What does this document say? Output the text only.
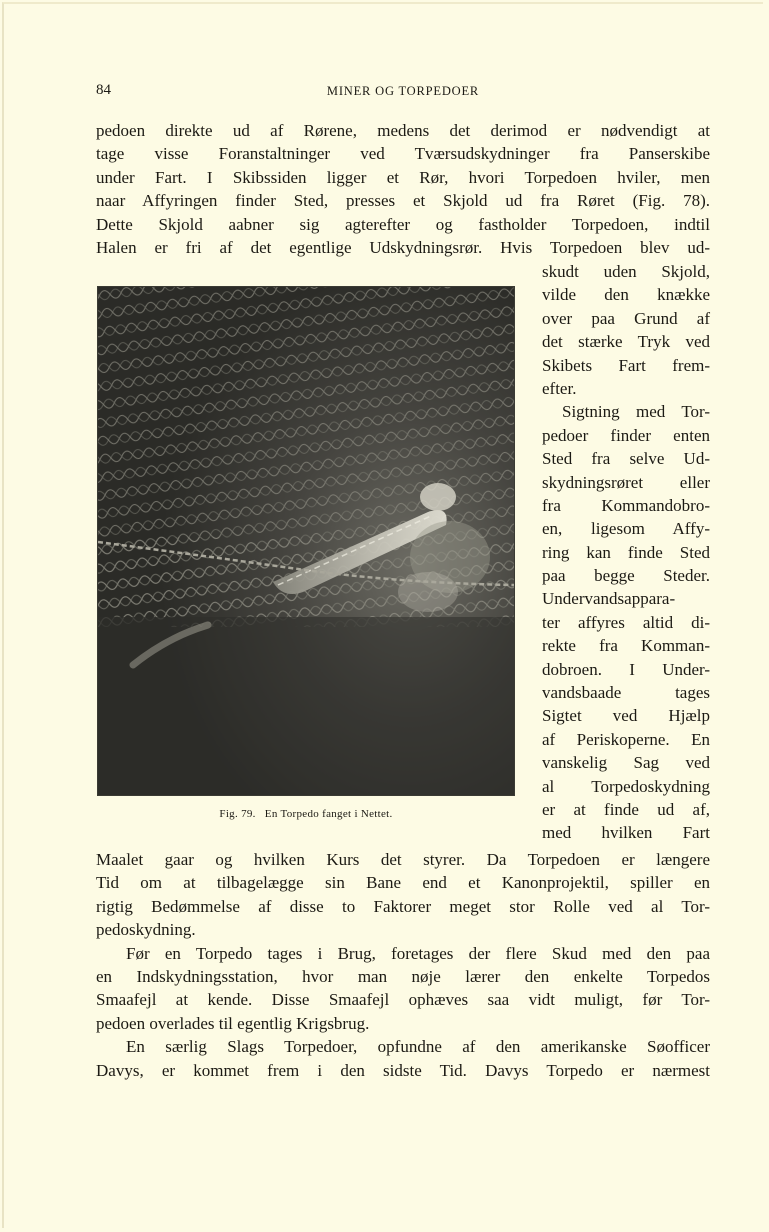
84	MINER OG TORPEDOER
pedoen direkte ud af Rørene, medens det derimod er nødvendigt at
tage visse Foranstaltninger ved Tværsudskydninger fra Panserskibe
under Fart. I Skibssiden ligger et Rør, hvori Torpedoen hviler, men
naar Affyringen finder Sted, presses et Skjold ud fra Røret (Fig. 78).
Dette Skjold aabner sig agterefter og fastholder Torpedoen, indtil
Halen er fri af det egentlige Udskydningsrør. Hvis Torpedoen blev ud-
Fig. 79. En Torpedo fanget i Nettet.
skudt uden Skjold,
vilde den knække
over paa Grund af
det stærke Tryk ved
Skibets Fart frem-
efter.
Sigtning med Tor-
pedoer finder enten
Sted fra selve Ud-
skydningsrøret eller
fra Kommandobro-
en, ligesom Affy-
ring kan finde Sted
paa begge Steder.
Undervandsappara-
ter affyres altid di-
rekte fra Komman-
dobroen. I Under-
vandsbaade tages
Sigtet ved Hjælp
af Periskoperne. En
vanskelig Sag ved
al Torpedoskydning
er at finde ud af,
med hvilken Fart
Maalet gaar og hvilken Kurs det styrer. Da Torpedoen er længere
Tid om at tilbagelægge sin Bane end et Kanonprojektil, spiller en
rigtig Bedømmelse af disse to Faktorer meget stor Rolle ved al Tor-
pedoskydning.
Før en Torpedo tages i Brug, foretages der flere Skud med den paa
en Indskydningsstation, hvor man nøje lærer den enkelte Torpedos
Smaafejl at kende. Disse Smaafejl ophæves saa vidt muligt, før Tor-
pedoen overlades til egentlig Krigsbrug.
En særlig Slags Torpedoer, opfundne af den amerikanske Søofficer
Davys, er kommet frem i den sidste Tid. Davys Torpedo er nærmest
